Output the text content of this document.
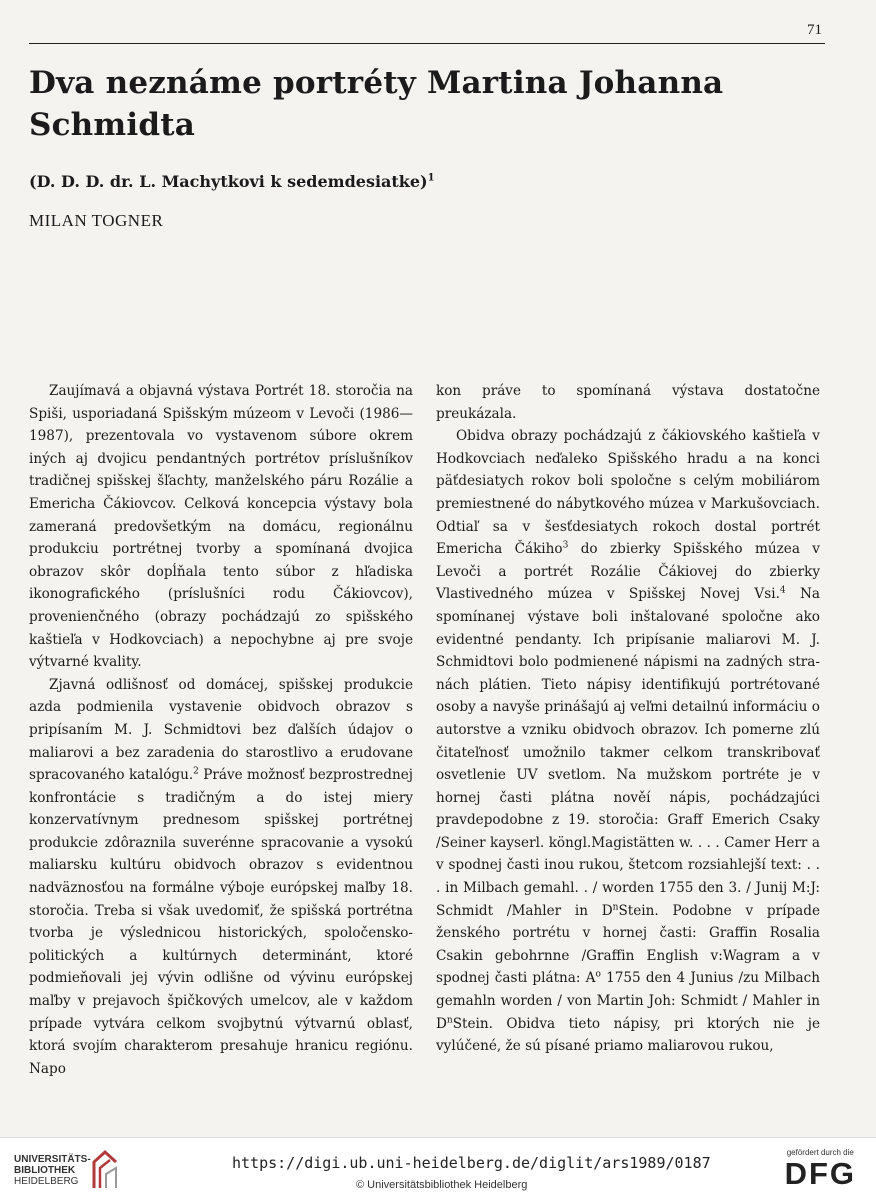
71
Dva neznáme portréty Martina Johanna Schmidta
(D. D. D. dr. L. Machytkovi k sedemdesiatke)$^1$
MILAN TOGNER

Zaujímavá a objavná výstava Portrét 18. storočia na Spiši, usporiadaná Spišským múzeom v Levoči (1986—1987), prezentovala vo vystavenom súbore okrem iných aj dvojicu pendantných portrétov príslušníkov tradičnej spišskej šľachty, manželského páru Rozálie a Emericha Čákiovcov. Celková koncepcia výstavy bola zameraná predovšetkým na domácu, regionálnu produkciu portrétnej tvorby a spomínaná dvojica obrazov skôr dopĺňala tento súbor z hľadiska ikonografického (príslušníci rodu Čákiovcov), provenienčného (obrazy pochádzajú zo spišského kaštieľa v Hodkovciach) a nepochybne aj pre svoje výtvarné kvality.

Zjavná odlišnosť od domácej, spišskej produkcie azda podmienila vystavenie obidvoch obrazov s pripísaním M. J. Schmidtovi bez ďalších údajov o maliarovi a bez zaradenia do starostlivo a erudovane spracovaného katalógu.$^2$ Práve možnosť bezprostrednej konfrontácie s tradičným a do istej miery konzervatívnym prednesom spišskej portrétnej produkcie zdôraznila suverénne spracovanie a vysokú maliarsku kultúru obidvoch obrazov s evidentnou nadväznosťou na formálne výboje európskej maľby 18. storočia. Treba si však uvedomiť, že spišská portrétna tvorba je výslednicou historických, spoločensko-politických a kultúrnych determinánt, ktoré podmieňovali jej vývin odlišne od vývinu európskej maľby v prejavoch špičkových umelcov, ale v každom prípade vytvára celkom svojbytnú výtvarnú oblasť, ktorá svojím charakterom presahuje hranicu regiónu. Napo

kon práve to spomínaná výstava dostatočne preukázala.

Obidva obrazy pochádzajú z čákiovského kaštieľa v Hodkovciach neďaleko Spišského hradu a na konci päťdesiatych rokov boli spoločne s celým mobiliárom premiestnené do nábytkového múzea v Markušovciach. Odtiaľ sa v šesťdesiatych rokoch dostal portrét Emericha Čákiho$^3$ do zbierky Spišského múzea v Levoči a portrét Rozálie Čákiovej do zbierky Vlastivedného múzea v Spišskej Novej Vsi.$^4$ Na spomínanej výstave boli inštalované spoločne ako evidentné pendanty. Ich pripísanie maliarovi M. J. Schmidtovi bolo podmienené nápismi na zadných stranách plátien. Tieto nápisy identifikujú portrétované osoby a navyše prinášajú aj veľmi detailnú informáciu o autorstve a vzniku obidvoch obrazov. Ich pomerne zlú čitateľnosť umožnilo takmer celkom transkribovať osvetlenie UV svetlom. Na mužskom portréte je v hornej časti plátna nověí nápis, pochádzajúci pravdepodobne z 19. storočia: Graff Emerich Csaky /Seiner kayserl. köngl.Magistätten w. . . . Camer Herr a v spodnej časti inou rukou, štetcom rozsiahlejší text: . . . in Milbach gemahl. . / worden 1755 den 3. / Junij M:J: Schmidt /Mahler in $D^nStein$. Podobne v prípade ženského portrétu v hornej časti: Graffin Rosalia Csakin gebohrnne /Graffin English v:Wagram a v spodnej časti plátna: $A^o$ 1755 den 4 Junius /zu Milbach gemahln worden / von Martin Joh: Schmidt / Mahler in $D^nStein$. Obidva tieto nápisy, pri ktorých nie je vylúčené, že sú písané priamo maliarovou rukou,

UNIVERSITÄTS-
BIBLIOTHEK
HEIDELBERG
https://digi.ub.uni-heidelberg.de/diglit/ars1989/0187
© Universitätsbibliothek Heidelberg
gefördert durch die
DFG
